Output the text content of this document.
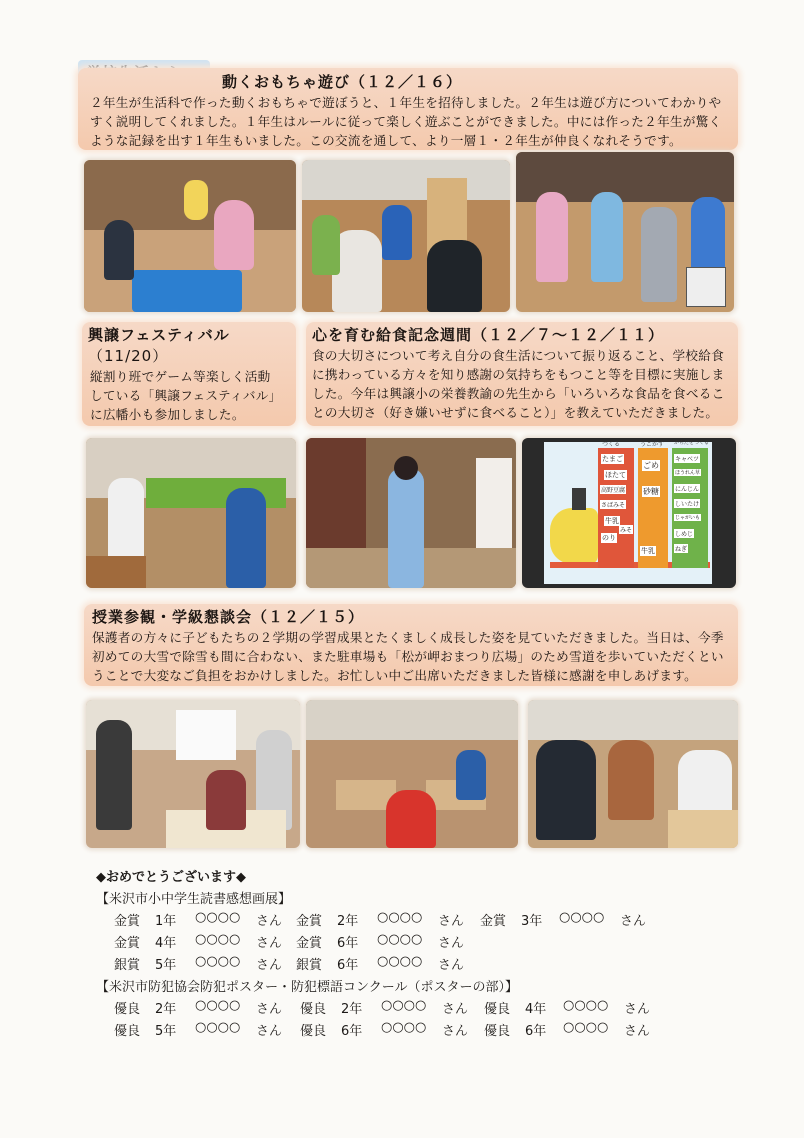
動くおもちゃ遊び（１２／１６）
２年生が生活科で作った動くおもちゃで遊ぼうと、１年生を招待しました。２年生は遊び方についてわかりや
すく説明してくれました。１年生はルールに従って楽しく遊ぶことができました。中には作った２年生が驚く
ような記録を出す１年生もいました。この交流を通して、より一層１・２年生が仲良くなれそうです。
興譲フェスティバル
（11/20）
縦割り班でゲーム等楽しく活動
している「興譲フェスティバル」
に広幡小も参加しました。
心を育む給食記念週間（１２／７～１２／１１）
食の大切さについて考え自分の食生活について振り返ること、学校給食
に携わっている方々を知り感謝の気持ちをもつこと等を目標に実施しま
した。今年は興譲小の栄養教諭の先生から「いろいろな食品を食べるこ
との大切さ（好き嫌いせずに食べること）」を教えていただきました。
つくる	うごかす からだをつくる
たまご
ほたて
高野豆腐
さばみそ
牛乳
のり
みそ
ごめ
砂糖
キャベツ
ほうれん草
にんじん
しいたけ
じゃがいも
しめじ
ねぎ
牛乳
授業参観・学級懇談会（１２／１５）
保護者の方々に子どもたちの２学期の学習成果とたくましく成長した姿を見ていただきました。当日は、今季
初めての大雪で除雪も間に合わない、また駐車場も「松が岬おまつり広場」のため雪道を歩いていただくとい
うことで大変なご負担をおかけしました。お忙しい中ご出席いただきました皆様に感謝を申しあげます。
◆おめでとうございます◆
【米沢市小中学生読書感想画展】
金賞 1年 ○○○○ さん 金賞 2年 ○○○○ さん 金賞 3年 ○○○○ さん
金賞 4年 ○○○○ さん 金賞 6年 ○○○○ さん
銀賞 5年 ○○○○ さん 銀賞 6年 ○○○○ さん
【米沢市防犯協会防犯ポスター・防犯標語コンクール（ポスターの部）】
優良 2年 ○○○○ さん 優良 2年 ○○○○ さん 優良 4年 ○○○○ さん
優良 5年 ○○○○ さん 優良 6年 ○○○○ さん 優良 6年 ○○○○ さん
